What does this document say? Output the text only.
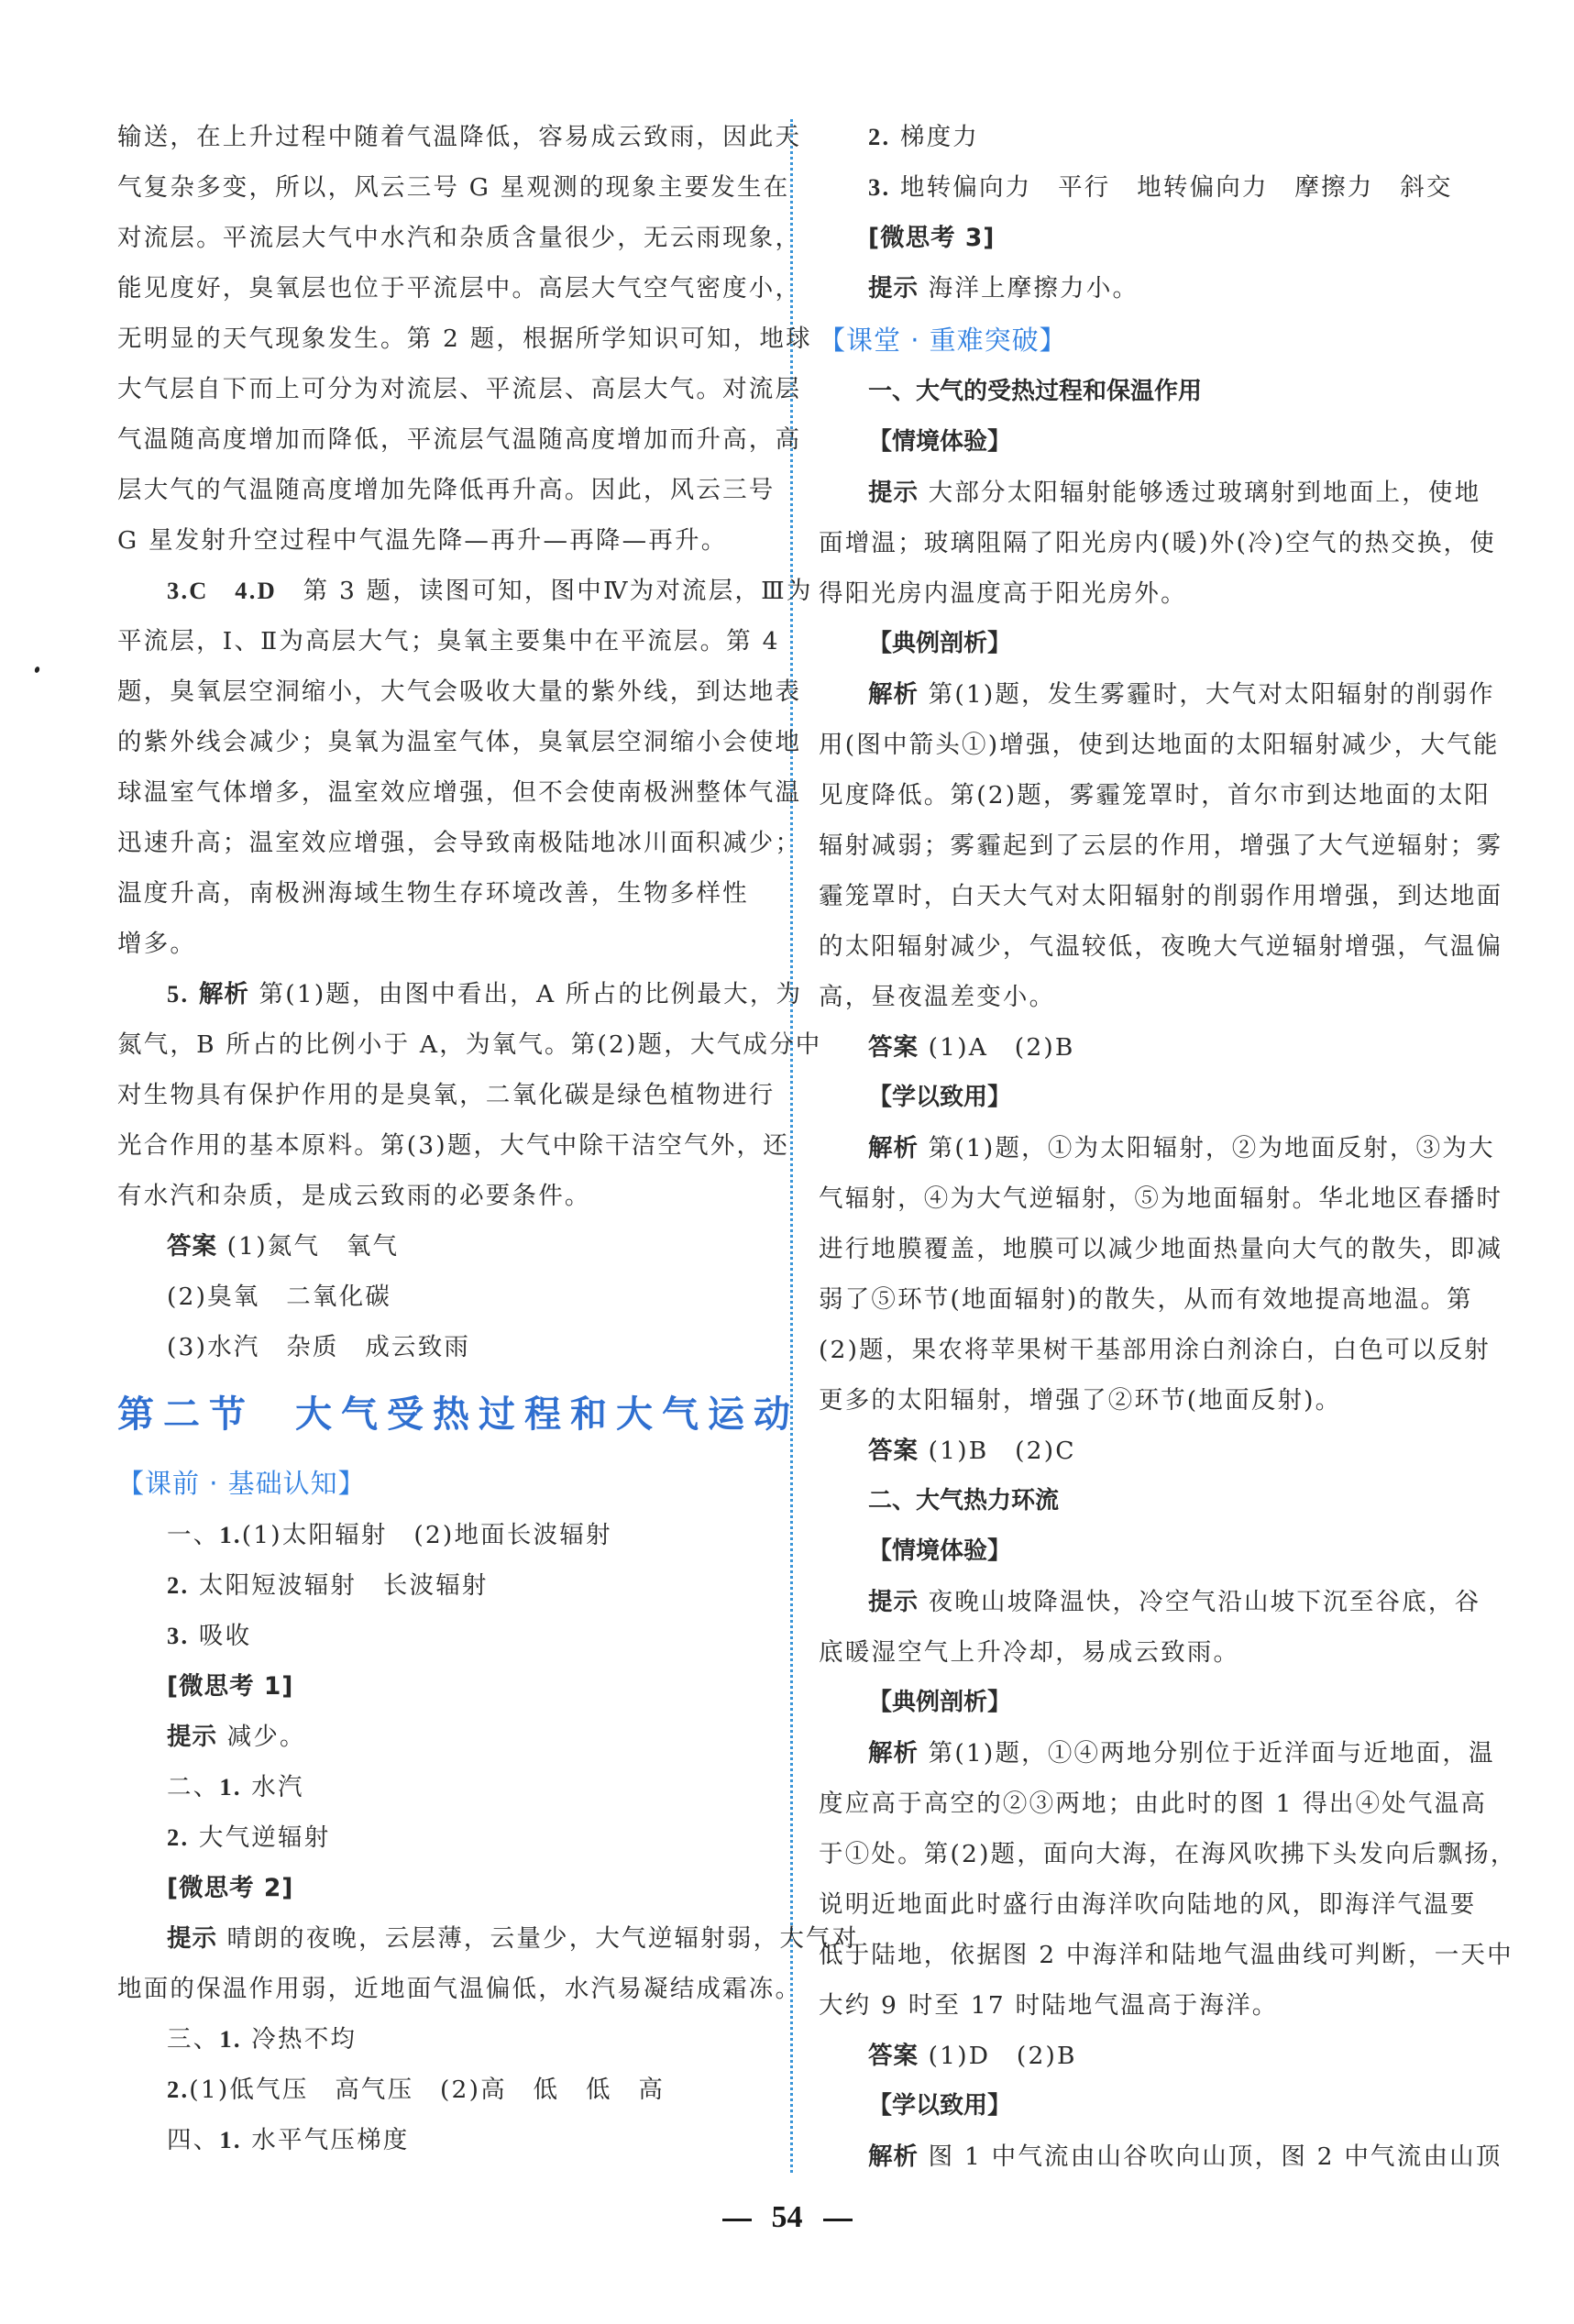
输送，在上升过程中随着气温降低，容易成云致雨，因此天
气复杂多变，所以，风云三号 G 星观测的现象主要发生在
对流层。平流层大气中水汽和杂质含量很少，无云雨现象，
能见度好，臭氧层也位于平流层中。高层大气空气密度小，
无明显的天气现象发生。第 2 题，根据所学知识可知，地球
大气层自下而上可分为对流层、平流层、高层大气。对流层
气温随高度增加而降低，平流层气温随高度增加而升高，高
层大气的气温随高度增加先降低再升高。因此，风云三号
G 星发射升空过程中气温先降—再升—再降—再升。
3.C　4.D　第 3 题，读图可知，图中Ⅳ为对流层，Ⅲ为
平流层，Ⅰ、Ⅱ为高层大气；臭氧主要集中在平流层。第 4
题，臭氧层空洞缩小，大气会吸收大量的紫外线，到达地表
的紫外线会减少；臭氧为温室气体，臭氧层空洞缩小会使地
球温室气体增多，温室效应增强，但不会使南极洲整体气温
迅速升高；温室效应增强，会导致南极陆地冰川面积减少；
温度升高，南极洲海域生物生存环境改善，生物多样性
增多。
5. 解析 第(1)题，由图中看出，A 所占的比例最大，为
氮气，B 所占的比例小于 A，为氧气。第(2)题，大气成分中
对生物具有保护作用的是臭氧，二氧化碳是绿色植物进行
光合作用的基本原料。第(3)题，大气中除干洁空气外，还
有水汽和杂质，是成云致雨的必要条件。
答案 (1)氮气　氧气
(2)臭氧　二氧化碳
(3)水汽　杂质　成云致雨
第二节 大气受热过程和大气运动
【课前 · 基础认知】
一、1.(1)太阳辐射　(2)地面长波辐射
2. 太阳短波辐射　长波辐射
3. 吸收
[微思考 1]
提示 减少。
二、1. 水汽
2. 大气逆辐射
[微思考 2]
提示 晴朗的夜晚，云层薄，云量少，大气逆辐射弱，大气对
地面的保温作用弱，近地面气温偏低，水汽易凝结成霜冻。
三、1. 冷热不均
2.(1)低气压　高气压　(2)高　低　低　高
四、1. 水平气压梯度
2. 梯度力
3. 地转偏向力　平行　地转偏向力　摩擦力　斜交
[微思考 3]
提示 海洋上摩擦力小。
【课堂 · 重难突破】
一、大气的受热过程和保温作用
【情境体验】
提示 大部分太阳辐射能够透过玻璃射到地面上，使地
面增温；玻璃阻隔了阳光房内(暖)外(冷)空气的热交换，使
得阳光房内温度高于阳光房外。
【典例剖析】
解析 第(1)题，发生雾霾时，大气对太阳辐射的削弱作
用(图中箭头①)增强，使到达地面的太阳辐射减少，大气能
见度降低。第(2)题，雾霾笼罩时，首尔市到达地面的太阳
辐射减弱；雾霾起到了云层的作用，增强了大气逆辐射；雾
霾笼罩时，白天大气对太阳辐射的削弱作用增强，到达地面
的太阳辐射减少，气温较低，夜晚大气逆辐射增强，气温偏
高，昼夜温差变小。
答案 (1)A　(2)B
【学以致用】
解析 第(1)题，①为太阳辐射，②为地面反射，③为大
气辐射，④为大气逆辐射，⑤为地面辐射。华北地区春播时
进行地膜覆盖，地膜可以减少地面热量向大气的散失，即减
弱了⑤环节(地面辐射)的散失，从而有效地提高地温。第
(2)题，果农将苹果树干基部用涂白剂涂白，白色可以反射
更多的太阳辐射，增强了②环节(地面反射)。
答案 (1)B　(2)C
二、大气热力环流
【情境体验】
提示 夜晚山坡降温快，冷空气沿山坡下沉至谷底，谷
底暖湿空气上升冷却，易成云致雨。
【典例剖析】
解析 第(1)题，①④两地分别位于近洋面与近地面，温
度应高于高空的②③两地；由此时的图 1 得出④处气温高
于①处。第(2)题，面向大海，在海风吹拂下头发向后飘扬，
说明近地面此时盛行由海洋吹向陆地的风，即海洋气温要
低于陆地，依据图 2 中海洋和陆地气温曲线可判断，一天中
大约 9 时至 17 时陆地气温高于海洋。
答案 (1)D　(2)B
【学以致用】
解析 图 1 中气流由山谷吹向山顶，图 2 中气流由山顶
54
